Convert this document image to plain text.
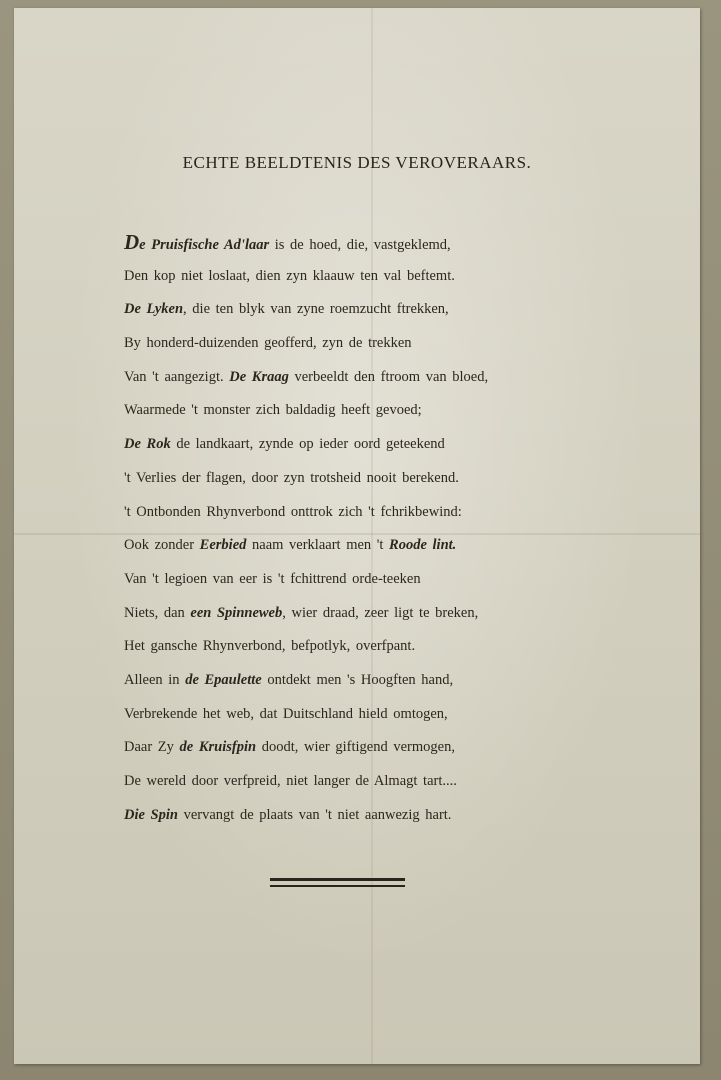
ECHTE BEELDTENIS DES VEROVERAARS.
De Pruisfische Ad'laar is de hoed, die, vastgeklemd,
Den kop niet loslaat, dien zyn klaauw ten val beftemt.
De Lyken, die ten blyk van zyne roemzucht ftrekken,
By honderd-duizenden geofferd, zyn de trekken
Van 't aangezigt. De Kraag verbeeldt den ftroom van bloed,
Waarmede 't monster zich baldadig heeft gevoed;
De Rok de landkaart, zynde op ieder oord geteekend
't Verlies der flagen, door zyn trotsheid nooit berekend.
't Ontbonden Rhynverbond onttrok zich 't fchrikbewind:
Ook zonder Eerbied naam verklaart men 't Roode lint.
Van 't legioen van eer is 't fchittrend orde-teeken
Niets, dan een Spinneweb, wier draad, zeer ligt te breken,
Het gansche Rhynverbond, befpotlyk, overfpant.
Alleen in de Epaulette ontdekt men 's Hoogften hand,
Verbrekende het web, dat Duitschland hield omtogen,
Daar Zy de Kruisfpin doodt, wier giftigend vermogen,
De wereld door verfpreid, niet langer de Almagt tart....
Die Spin vervangt de plaats van 't niet aanwezig hart.
